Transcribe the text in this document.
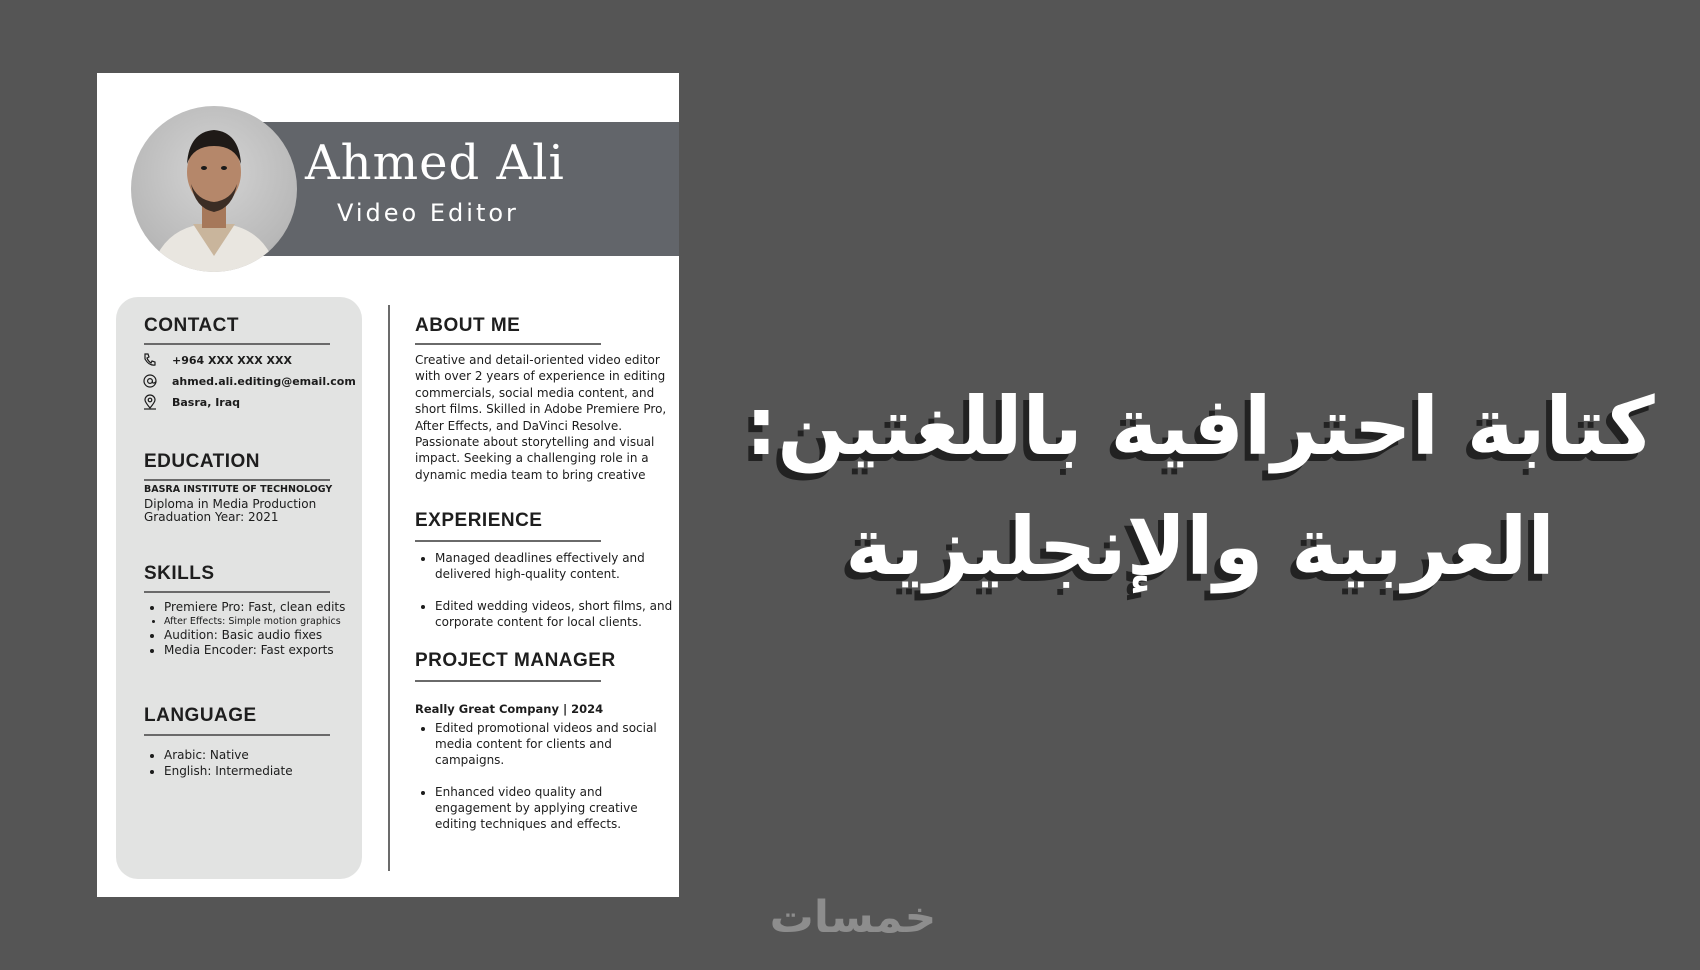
Ahmed Ali
Video Editor
CONTACT
+964 XXX XXX XXX
ahmed.ali.editing@email.com
Basra, Iraq
EDUCATION
BASRA INSTITUTE OF TECHNOLOGY
Diploma in Media Production
Graduation Year: 2021
SKILLS
• Premiere Pro: Fast, clean edits
• After Effects: Simple motion graphics
• Audition: Basic audio fixes
• Media Encoder: Fast exports
LANGUAGE
• Arabic: Native
• English: Intermediate
ABOUT ME
Creative and detail-oriented video editor with over 2 years of experience in editing commercials, social media content, and short films. Skilled in Adobe Premiere Pro, After Effects, and DaVinci Resolve. Passionate about storytelling and visual impact. Seeking a challenging role in a dynamic media team to bring creative
EXPERIENCE
• Managed deadlines effectively and delivered high-quality content.
• Edited wedding videos, short films, and corporate content for local clients.
PROJECT MANAGER
Really Great Company | 2024
• Edited promotional videos and social media content for clients and campaigns.
• Enhanced video quality and engagement by applying creative editing techniques and effects.
كتابة احترافية باللغتين:
العربية والإنجليزية
خمسات
